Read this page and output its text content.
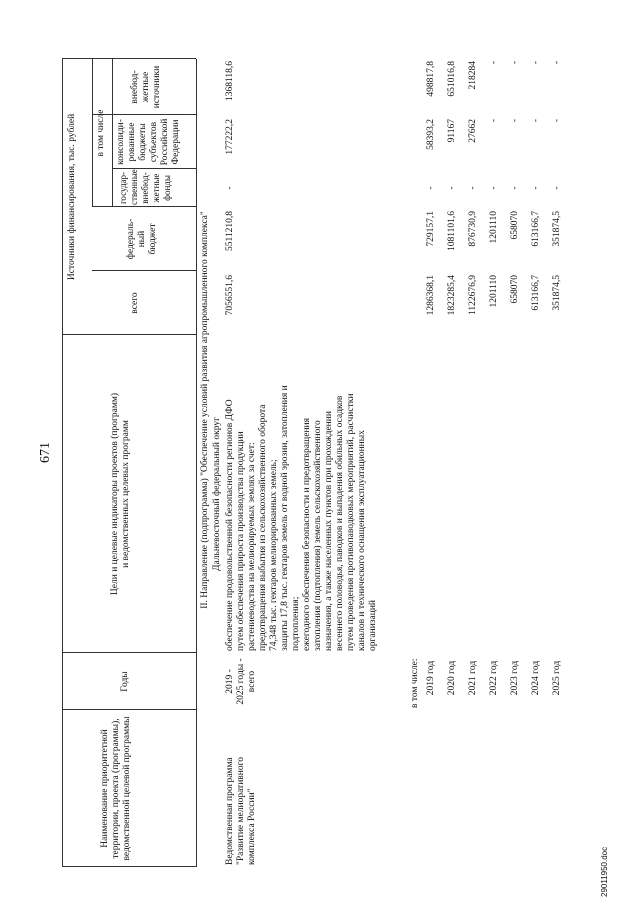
671
Наименование приоритетной
территории, проекта (программы),
ведомственной целевой программы
Годы
Цели и целевые индикаторы проектов (программ)
и ведомственных целевых программ
Источники финансирования, тыс. рублей
всего
в том числе
федераль-
ный
бюджет
государ-
ственные
внебюд-
жетные
фонды
консолиди-
рованные
бюджеты
субъектов
Российской
Федерации
внебюд-
жетные
источники
II. Направление (подпрограмма) "Обеспечение условий развития агропромышленного комплекса" Дальневосточный федеральный округ
Ведомственная программа
"Развитие мелиоративного
комплекса России"
2019 -
2025 годы -
всего
обеспечение продовольственной безопасности регионов ДФО
путем обеспечения прироста производства продукции
растениеводства на мелиорируемых землях за счет:
предотвращения выбытия из сельскохозяйственного оборота
74,348 тыс. гектаров мелиорированных земель;
защиты 17,8 тыс. гектаров земель от водной эрозии, затопления и
подтопления;
ежегодного обеспечения безопасности и предотвращения
затопления (подтопления) земель сельскохозяйственного
назначения, а также населенных пунктов при прохождении
весеннего половодья, паводков и выпадения обильных осадков
путем проведения противопаводковых мероприятий, расчистки
каналов и технического оснащения эксплуатационных
организаций
7056551,6
5511210,8
-
177222,2
1368118,6
в том числе: 2019 год
1286368,1
729157,1
-
58393,2
498817,8
2020 год
1823285,4
1081101,6
-
91167
651016,8
2021 год
1122676,9
876730,9
-
27662
218284
2022 год
1201110
1201110
-
-
-
2023 год
658070
658070
-
-
-
2024 год
613166,7
613166,7
-
-
-
2025 год
351874,5
351874,5
-
-
-
29011950.doc
